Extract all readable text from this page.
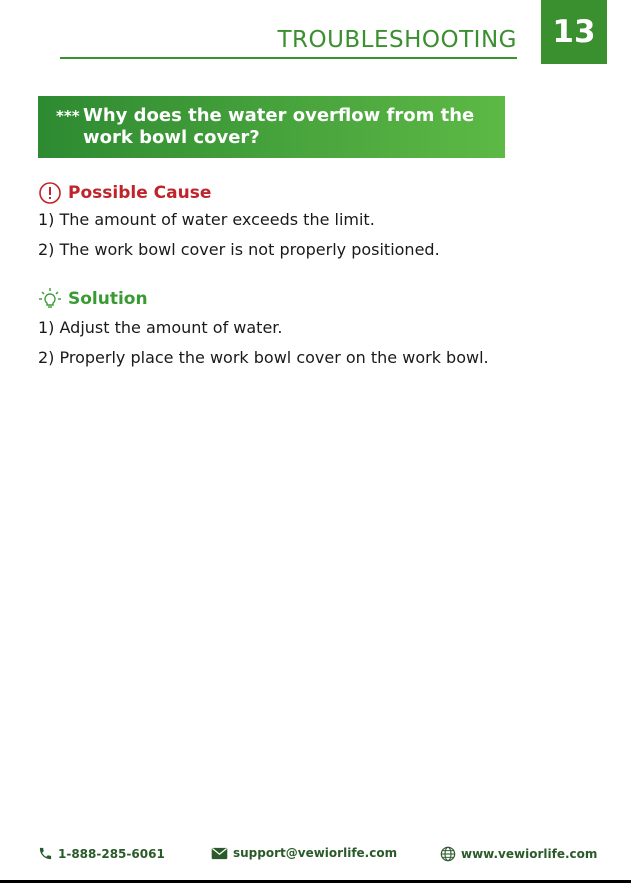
TROUBLESHOOTING	13
*** Why does the water overflow from the
work bowl cover?
Possible Cause
1) The amount of water exceeds the limit.
2) The work bowl cover is not properly positioned.
Solution
1) Adjust the amount of water.
2) Properly place the work bowl cover on the work bowl.
1-888-285-6061	support@vewiorlife.com	www.vewiorlife.com
